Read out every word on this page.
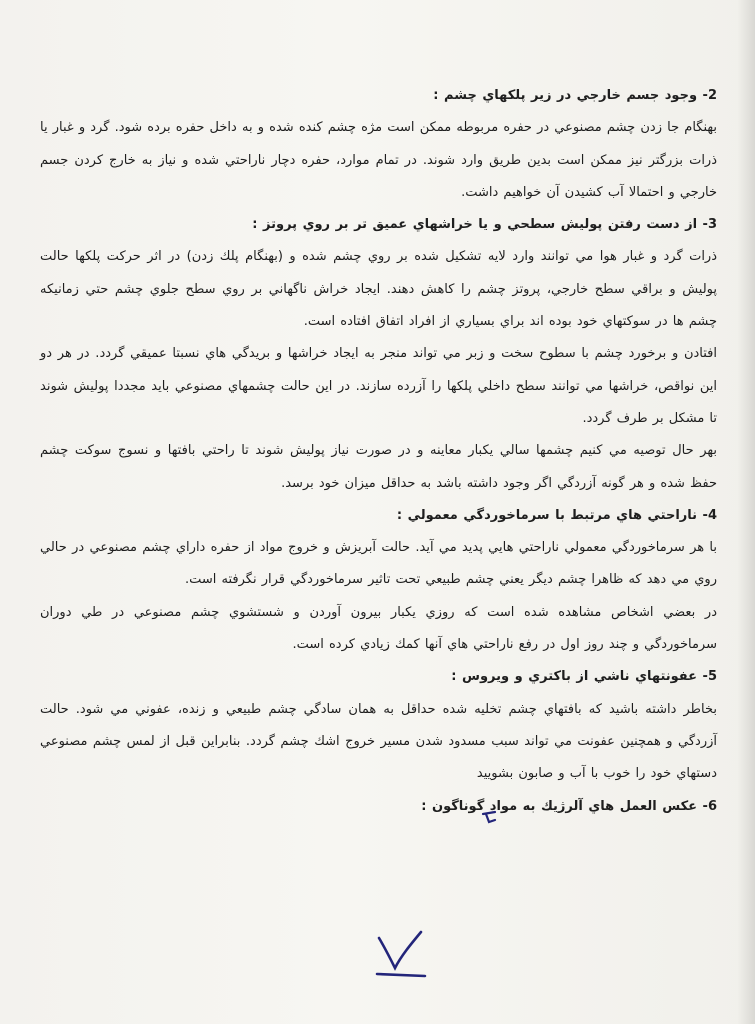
2- وجود جسم خارجي در زير پلكهاي چشم :

بهنگام جا زدن چشم مصنوعي در حفره مربوطه ممكن است مژه چشم كنده شده و به داخل حفره برده شود. گرد و غبار يا ذرات بزرگتر نيز ممكن است بدين طريق وارد شوند. در تمام موارد، حفره دچار ناراحتي شده و نياز به خارج كردن جسم خارجي و احتمالا آب كشيدن آن خواهيم داشت.

3- از دست رفتن پوليش سطحي و يا خراشهاي عميق تر بر روي پروتز :

ذرات گرد و غبار هوا مي توانند وارد لايه تشكيل شده بر روي چشم شده و (بهنگام پلك زدن) در اثر حركت پلكها حالت پوليش و براقي سطح خارجي، پروتز چشم را كاهش دهند. ايجاد خراش ناگهاني بر روي سطح جلوي چشم حتي زمانيكه چشم ها در سوكتهاي خود بوده اند براي بسياري از افراد اتفاق افتاده است.

افتادن و برخورد چشم با سطوح سخت و زبر مي تواند منجر به ايجاد خراشها و بريدگي هاي نسبتا عميقي گردد. در هر دو اين نواقص، خراشها مي توانند سطح داخلي پلكها را آزرده سازند. در اين حالت چشمهاي مصنوعي بايد مجددا پوليش شوند تا مشكل بر طرف گردد.

بهر حال توصيه مي كنيم چشمها سالي يكبار معاينه و در صورت نياز پوليش شوند تا راحتي بافتها و نسوج سوكت چشم حفظ شده و هر گونه آزردگي اگر وجود داشته باشد به حداقل ميزان خود برسد.

4- ناراحتي هاي مرتبط با سرماخوردگي معمولي :

با هر سرماخوردگي معمولي ناراحتي هايي پديد مي آيد. حالت آبريزش و خروج مواد از حفره داراي چشم مصنوعي در حالي روي مي دهد كه ظاهرا چشم ديگر يعني چشم طبيعي تحت تاثير سرماخوردگي قرار نگرفته است.

در بعضي اشخاص مشاهده شده است كه روزي يكبار بيرون آوردن و شستشوي چشم مصنوعي در طي دوران سرماخوردگي و چند روز اول در رفع ناراحتي هاي آنها كمك زيادي كرده است.

5- عفونتهاي ناشي از باكتري و ويروس :

بخاطر داشته باشيد كه بافتهاي چشم تخليه شده حداقل به همان سادگي چشم طبيعي و زنده، عفوني مي شود. حالت آزردگي و همچنين عفونت مي تواند سبب مسدود شدن مسير خروج اشك چشم گردد. بنابراين قبل از لمس چشم مصنوعي دستهاي خود را خوب با آب و صابون بشوييد

6- عكس العمل هاي آلرژيك به مواد گوناگون :

7
